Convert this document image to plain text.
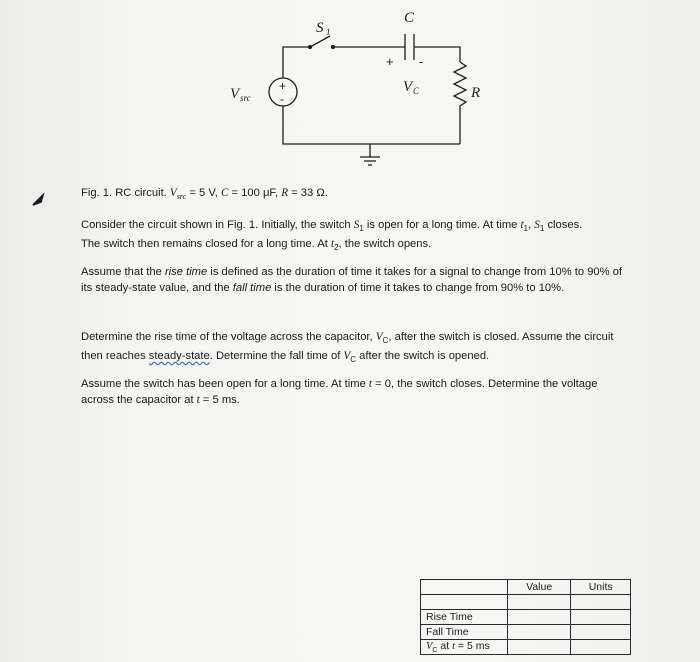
S 1
C
V C	R
V src
+ -
+
-
Fig. 1. RC circuit. $V_{src} = 5$ V, C = 100 μF, R = 33 Ω.
Consider the circuit shown in Fig. 1. Initially, the switch $S_1$ is open for a long time. At time $t_1$, $S_1$ closes.
The switch then remains closed for a long time. At $t_2$, the switch opens.
Assume that the rise time is defined as the duration of time it takes for a signal to change from 10% to 90% of its steady-state value, and the fall time is the duration of time it takes to change from 90% to 10%.
Determine the rise time of the voltage across the capacitor, $V_C$, after the switch is closed. Assume the circuit then reaches steady-state. Determine the fall time of $V_C$ after the switch is opened.
Assume the switch has been open for a long time. At time t = 0, the switch closes. Determine the voltage across the capacitor at t = 5 ms.
	Value	Units

Rise Time		
Fall Time		
$V_C$ at t = 5 ms		
